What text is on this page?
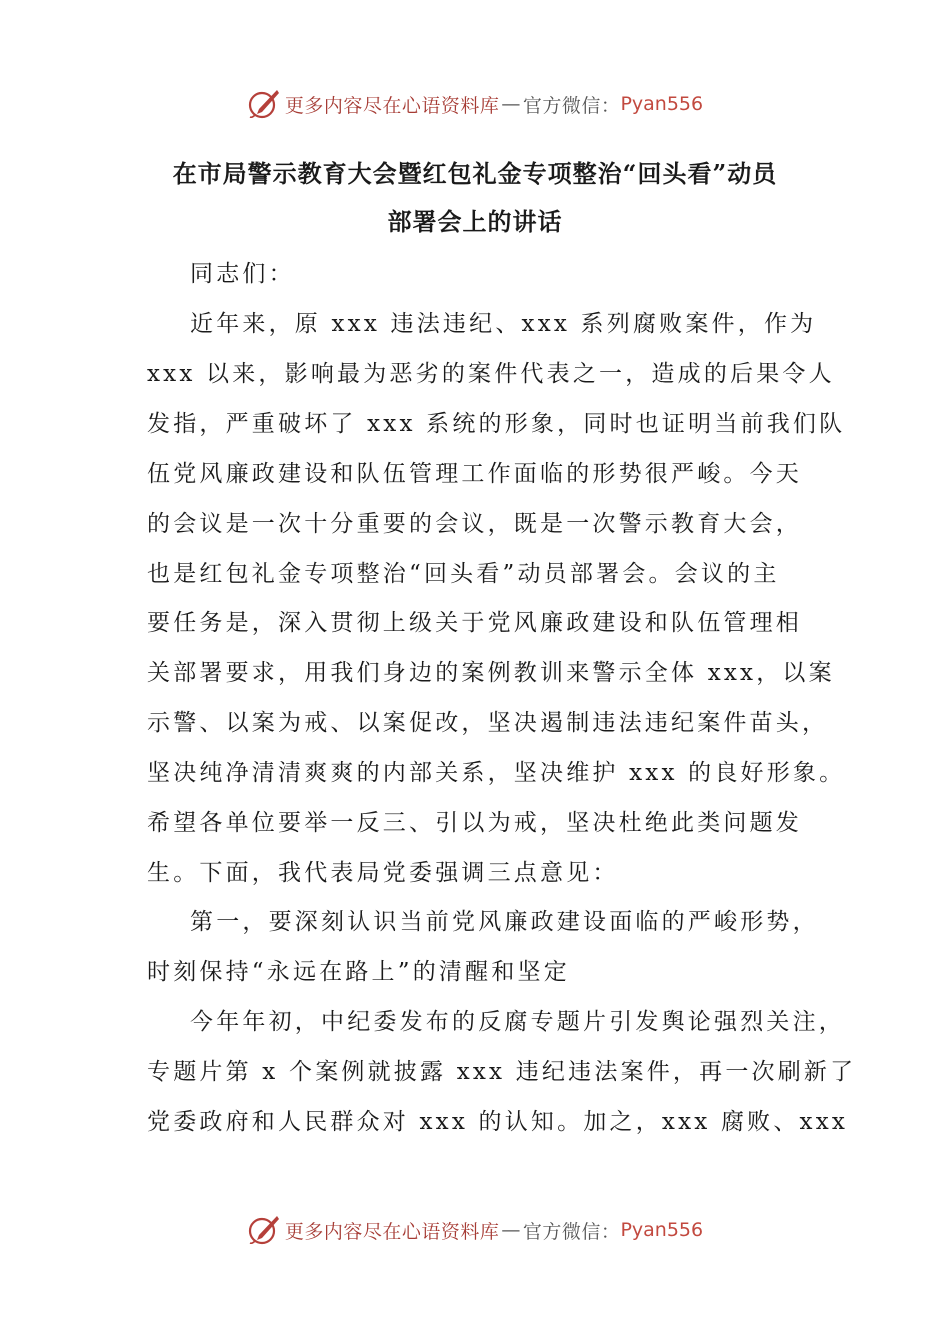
更多内容尽在心语资料库 — 官方微信： Pyan556
在市局警示教育大会暨红包礼金专项整治“回头看”动员
部署会上的讲话
同志们：
近年来，原 xxx 违法违纪、xxx 系列腐败案件，作为
xxx 以来，影响最为恶劣的案件代表之一，造成的后果令人
发指，严重破坏了 xxx 系统的形象，同时也证明当前我们队
伍党风廉政建设和队伍管理工作面临的形势很严峻。今天
的会议是一次十分重要的会议，既是一次警示教育大会，
也是红包礼金专项整治“回头看”动员部署会。会议的主
要任务是，深入贯彻上级关于党风廉政建设和队伍管理相
关部署要求，用我们身边的案例教训来警示全体 xxx，以案
示警、以案为戒、以案促改，坚决遏制违法违纪案件苗头，
坚决纯净清清爽爽的内部关系，坚决维护 xxx 的良好形象。
希望各单位要举一反三、引以为戒，坚决杜绝此类问题发
生。下面，我代表局党委强调三点意见：
第一，要深刻认识当前党风廉政建设面临的严峻形势，
时刻保持“永远在路上”的清醒和坚定
今年年初，中纪委发布的反腐专题片引发舆论强烈关注，
专题片第 x 个案例就披露 xxx 违纪违法案件，再一次刷新了
党委政府和人民群众对 xxx 的认知。加之，xxx 腐败、xxx
更多内容尽在心语资料库 — 官方微信： Pyan556
